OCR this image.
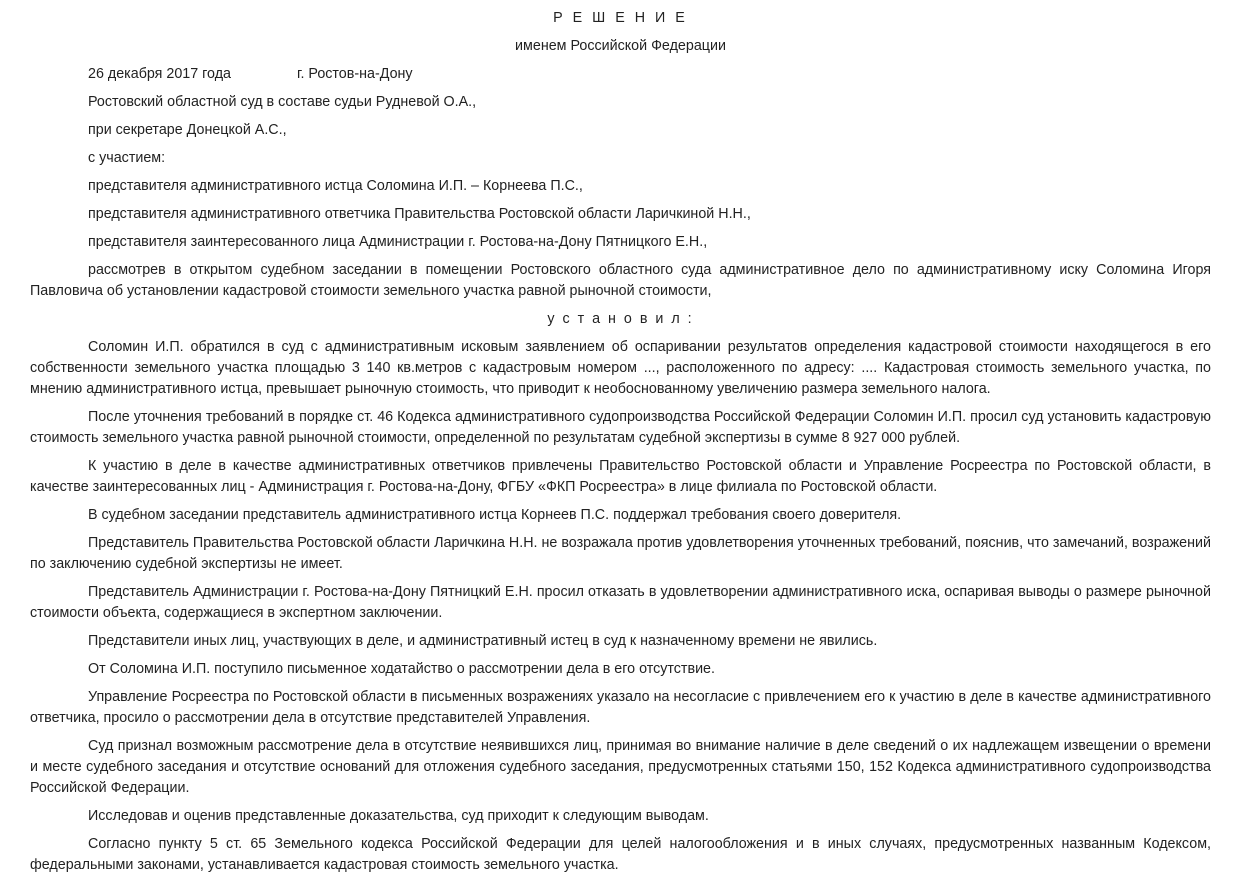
Р Е Ш Е Н И Е

именем Российской Федерации

26 декабря 2017 года	г. Ростов-на-Дону

Ростовский областной суд в составе судьи Рудневой О.А.,

при секретаре Донецкой А.С.,

с участием:

представителя административного истца Соломина И.П. – Корнеева П.С.,

представителя административного ответчика Правительства Ростовской области Ларичкиной Н.Н.,

представителя заинтересованного лица Администрации г. Ростова-на-Дону Пятницкого Е.Н.,

рассмотрев в открытом судебном заседании в помещении Ростовского областного суда административное дело по административному иску Соломина Игоря Павловича об установлении кадастровой стоимости земельного участка равной рыночной стоимости,

у с т а н о в и л :

Соломин И.П. обратился в суд с административным исковым заявлением об оспаривании результатов определения кадастровой стоимости находящегося в его собственности земельного участка площадью 3 140 кв.метров с кадастровым номером ..., расположенного по адресу: .... Кадастровая стоимость земельного участка, по мнению административного истца, превышает рыночную стоимость, что приводит к необоснованному увеличению размера земельного налога.

После уточнения требований в порядке ст. 46 Кодекса административного судопроизводства Российской Федерации Соломин И.П. просил суд установить кадастровую стоимость земельного участка равной рыночной стоимости, определенной по результатам судебной экспертизы в сумме 8 927 000 рублей.

К участию в деле в качестве административных ответчиков привлечены Правительство Ростовской области и Управление Росреестра по Ростовской области, в качестве заинтересованных лиц - Администрация г. Ростова-на-Дону, ФГБУ «ФКП Росреестра» в лице филиала по Ростовской области.

В судебном заседании представитель административного истца Корнеев П.С. поддержал требования своего доверителя.

Представитель Правительства Ростовской области Ларичкина Н.Н. не возражала против удовлетворения уточненных требований, пояснив, что замечаний, возражений по заключению судебной экспертизы не имеет.

Представитель Администрации г. Ростова-на-Дону Пятницкий Е.Н. просил отказать в удовлетворении административного иска, оспаривая выводы о размере рыночной стоимости объекта, содержащиеся в экспертном заключении.

Представители иных лиц, участвующих в деле, и административный истец в суд к назначенному времени не явились.

От Соломина И.П. поступило письменное ходатайство о рассмотрении дела в его отсутствие.

Управление Росреестра по Ростовской области в письменных возражениях указало на несогласие с привлечением его к участию в деле в качестве административного ответчика, просило о рассмотрении дела в отсутствие представителей Управления.

Суд признал возможным рассмотрение дела в отсутствие неявившихся лиц, принимая во внимание наличие в деле сведений о их надлежащем извещении о времени и месте судебного заседания и отсутствие оснований для отложения судебного заседания, предусмотренных статьями 150, 152 Кодекса административного судопроизводства Российской Федерации.

Исследовав и оценив представленные доказательства, суд приходит к следующим выводам.

Согласно пункту 5 ст. 65 Земельного кодекса Российской Федерации для целей налогообложения и в иных случаях, предусмотренных названным Кодексом, федеральными законами, устанавливается кадастровая стоимость земельного участка.
